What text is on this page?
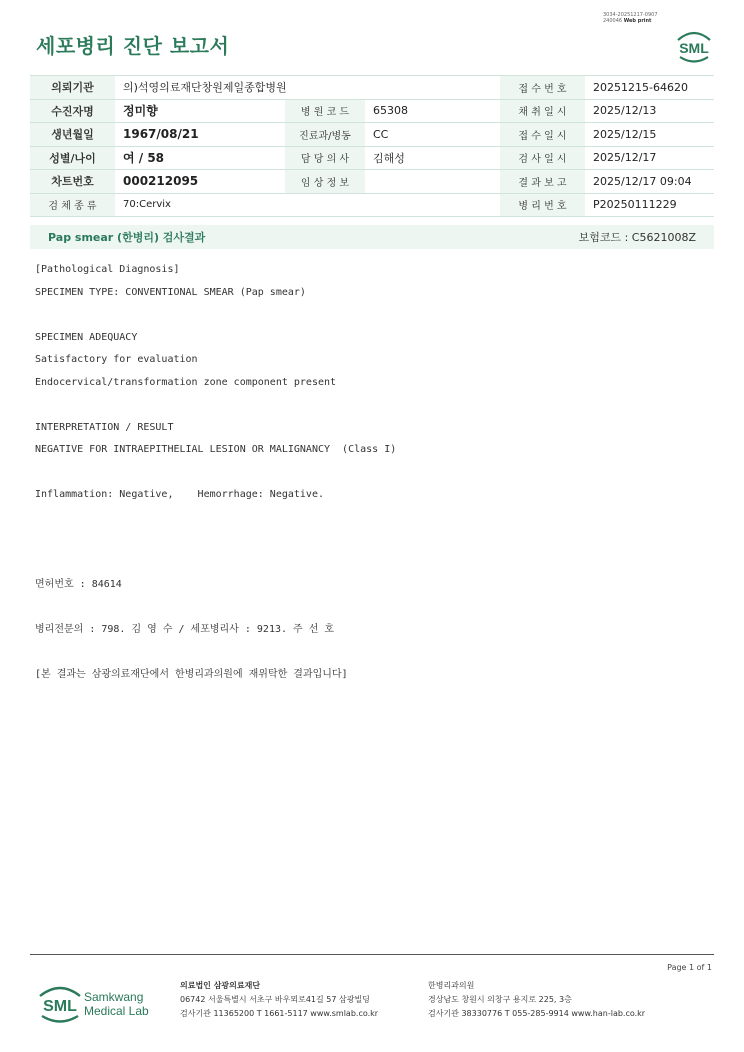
3034-20251217-0907
240046 Web print
세포병리 진단 보고서	SML
의뢰기관	의)석영의료재단창원제일종합병원			접 수 번 호	20251215-64620
수진자명	정미향	병 원 코 드	65308	채 취 일 시	2025/12/13
생년월일	1967/08/21	진료과/병동	CC	접 수 일 시	2025/12/15
성별/나이	여 / 58	담 당 의 사	김해성	검 사 일 시	2025/12/17
차트번호	000212095	임 상 정 보		결 과 보 고	2025/12/17 09:04
검 체 종 류	70:Cervix			병 리 번 호	P20250111229
Pap smear (한병리) 검사결과	보험코드 : C5621008Z
[Pathological Diagnosis]
SPECIMEN TYPE: CONVENTIONAL SMEAR (Pap smear)

SPECIMEN ADEQUACY
Satisfactory for evaluation
Endocervical/transformation zone component present

INTERPRETATION / RESULT
NEGATIVE FOR INTRAEPITHELIAL LESION OR MALIGNANCY  (Class I)

Inflammation: Negative,    Hemorrhage: Negative.

면허번호 : 84614

병리전문의 : 798. 김 영 수 / 세포병리사 : 9213. 주 선 호

[본 결과는 삼광의료재단에서 한병리과의원에 재위탁한 결과입니다]
Page 1 of 1
SML
Samkwang
Medical Lab
의료법인 삼광의료재단
06742 서울특별시 서초구 바우뫼로41길 57 삼광빌딩
검사기관 11365200 T 1661-5117 www.smlab.co.kr
한병리과의원
경상남도 창원시 의창구 용지로 225, 3층
검사기관 38330776 T 055-285-9914 www.han-lab.co.kr
